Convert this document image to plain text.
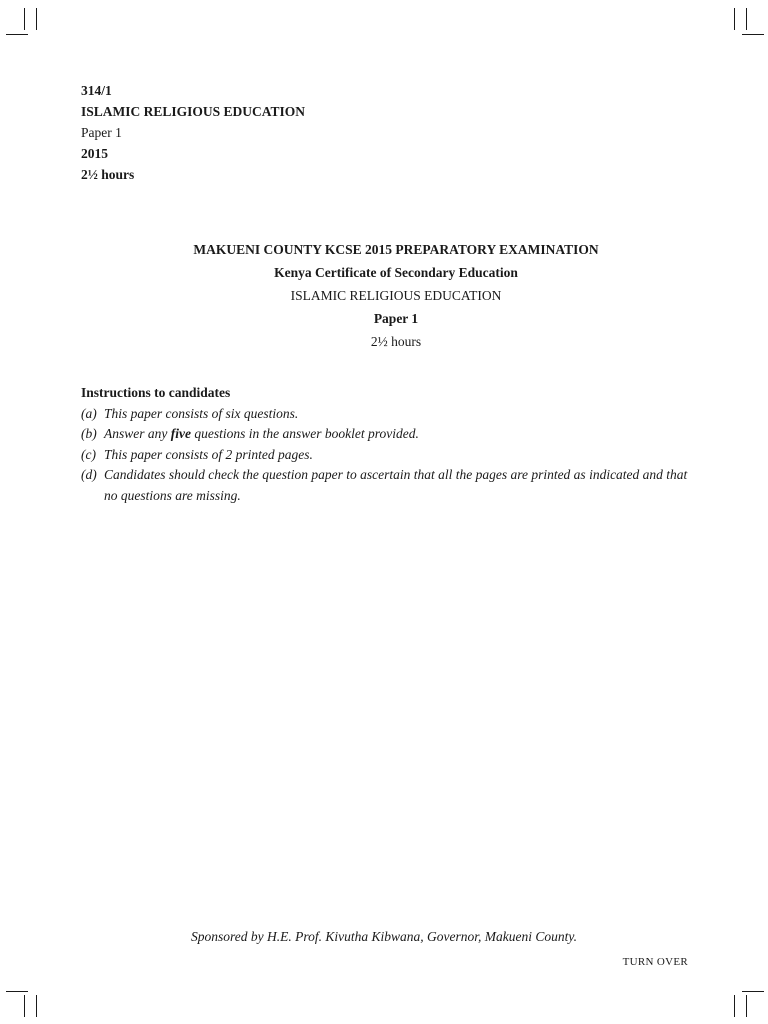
314/1
ISLAMIC RELIGIOUS EDUCATION
Paper 1
2015
2½ hours
MAKUENI COUNTY KCSE 2015 PREPARATORY EXAMINATION
Kenya Certificate of Secondary Education
ISLAMIC RELIGIOUS EDUCATION
Paper 1
2½ hours
Instructions to candidates
(a) This paper consists of six questions.
(b) Answer any five questions in the answer booklet provided.
(c) This paper consists of 2 printed pages.
(d) Candidates should check the question paper to ascertain that all the pages are printed as indicated and that no questions are missing.
Sponsored by H.E. Prof. Kivutha Kibwana, Governor, Makueni County.
TURN OVER
